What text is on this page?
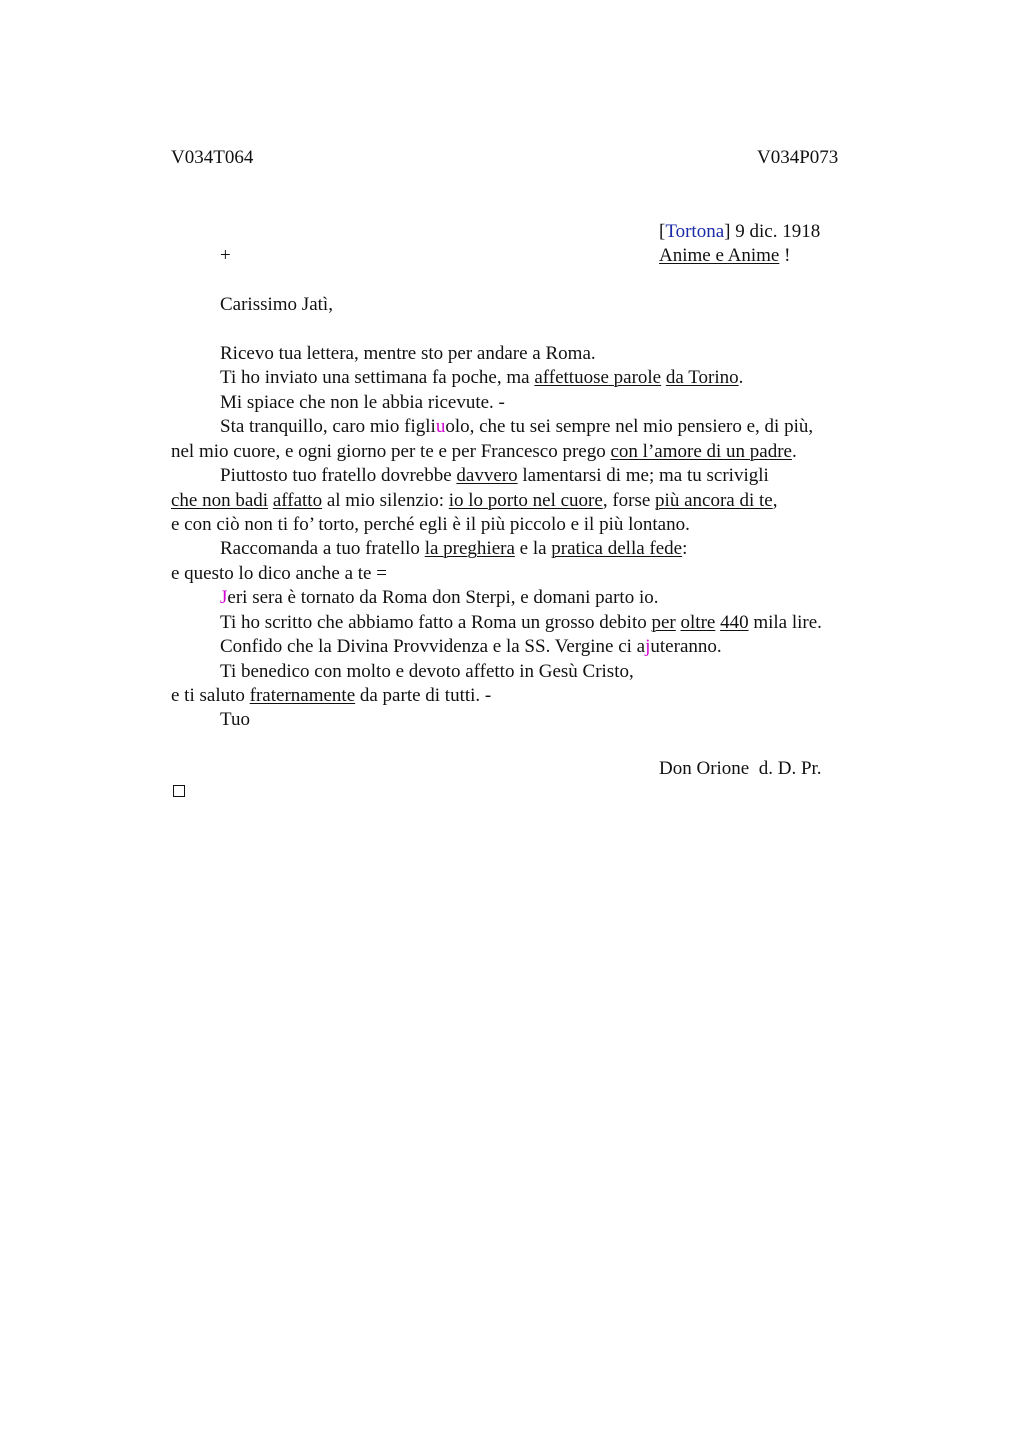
V034T064	V034P073
[Tortona] 9 dic. 1918
+	Anime e Anime !
Carissimo Jatì,
Ricevo tua lettera, mentre sto per andare a Roma.
Ti ho inviato una settimana fa poche, ma affettuose parole da Torino.
Mi spiace che non le abbia ricevute. -
Sta tranquillo, caro mio figliuolo, che tu sei sempre nel mio pensiero e, di più,
nel mio cuore, e ogni giorno per te e per Francesco prego con l’amore di un padre.
Piuttosto tuo fratello dovrebbe davvero lamentarsi di me; ma tu scrivigli
che non badi affatto al mio silenzio: io lo porto nel cuore, forse più ancora di te,
e con ciò non ti fo’ torto, perché egli è il più piccolo e il più lontano.
Raccomanda a tuo fratello la preghiera e la pratica della fede:
e questo lo dico anche a te =
Jeri sera è tornato da Roma don Sterpi, e domani parto io.
Ti ho scritto che abbiamo fatto a Roma un grosso debito per oltre 440 mila lire.
Confido che la Divina Provvidenza e la SS. Vergine ci ajuteranno.
Ti benedico con molto e devoto affetto in Gesù Cristo,
e ti saluto fraternamente da parte di tutti. -
Tuo
Don Orione  d. D. Pr.
